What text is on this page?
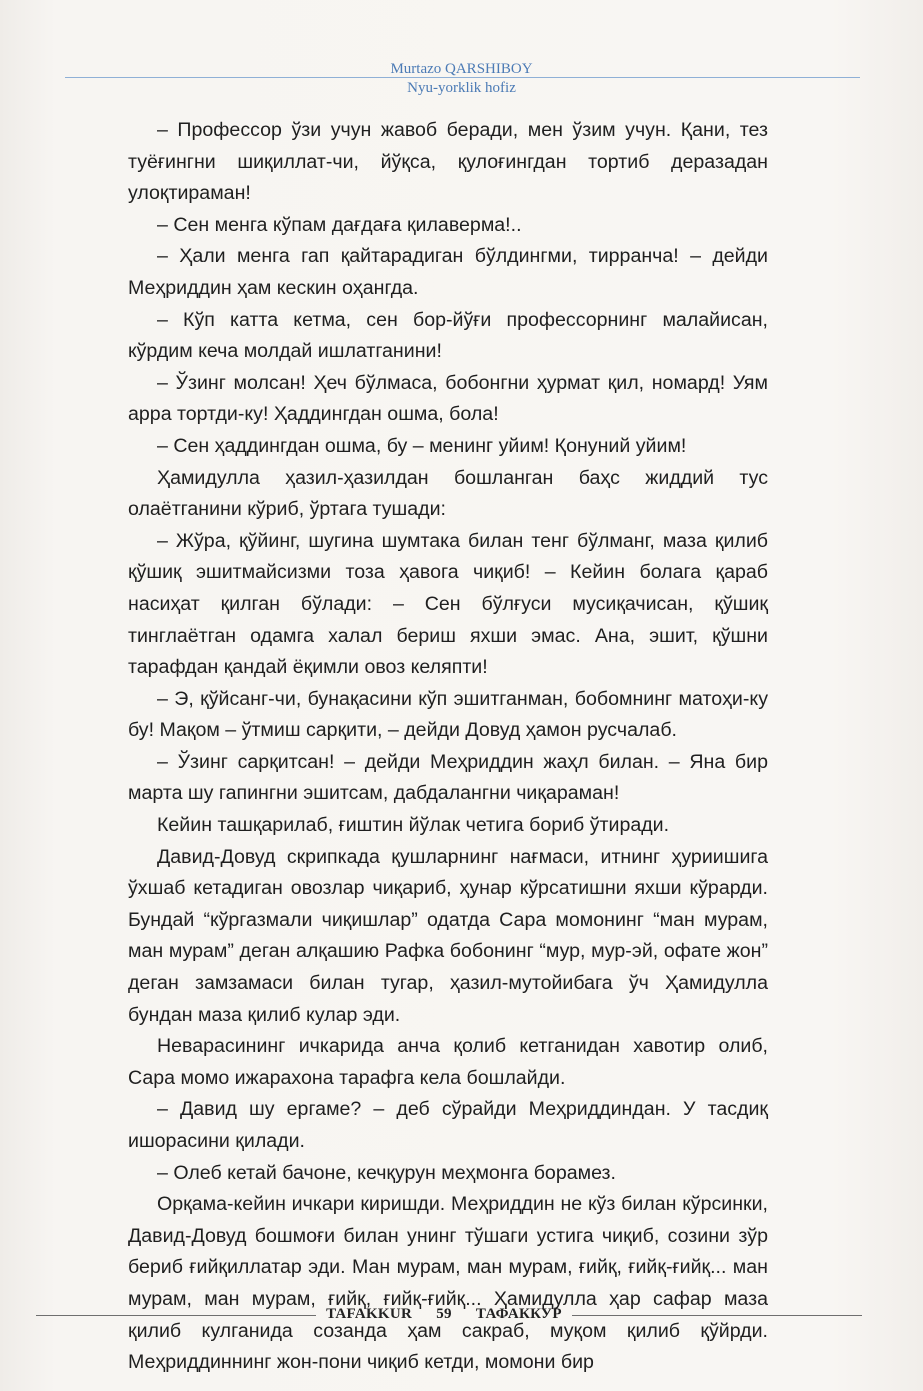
Murtazo QARSHIBOY
Nyu-yorklik hofiz

– Профессор ўзи учун жавоб беради, мен ўзим учун. Қани, тез туёғингни шиқиллат-чи, йўқса, қулоғингдан тортиб деразадан улоқтираман!

– Сен менга кўпам дағдаға қилаверма!..

– Ҳали менга гап қайтарадиган бўлдингми, тирранча! – дейди Меҳриддин ҳам кескин оҳангда.

– Кўп катта кетма, сен бор-йўғи профессорнинг малайисан, кўрдим кеча молдай ишлатганини!

– Ўзинг молсан! Ҳеч бўлмаса, бобонгни ҳурмат қил, номард! Уям арра тортди-ку! Ҳаддингдан ошма, бола!

– Сен ҳаддингдан ошма, бу – менинг уйим! Қонуний уйим!

Ҳамидулла ҳазил-ҳазилдан бошланган баҳс жиддий тус олаётганини кўриб, ўртага тушади:

– Жўра, қўйинг, шугина шумтака билан тенг бўлманг, маза қилиб қўшиқ эшитмайсизми тоза ҳавога чиқиб! – Кейин болага қараб насиҳат қилган бўлади: – Сен бўлғуси мусиқачисан, қўшиқ тинглаётган одамга халал бериш яхши эмас. Ана, эшит, қўшни тарафдан қандай ёқимли овоз келяпти!

– Э, қўйсанг-чи, бунақасини кўп эшитганман, бобомнинг матоҳи-ку бу! Мақом – ўтмиш сарқити, – дейди Довуд ҳамон русчалаб.

– Ўзинг сарқитсан! – дейди Меҳриддин жаҳл билан. – Яна бир марта шу гапингни эшитсам, дабдалангни чиқараман!

Кейин ташқарилаб, ғиштин йўлак четига бориб ўтиради.

Давид-Довуд скрипкада қушларнинг нағмаси, итнинг ҳуриишига ўхшаб кетадиган овозлар чиқариб, ҳунар кўрсатишни яхши кўрарди. Бундай “кўргазмали чиқишлар” одатда Сара момонинг “ман мурам, ман мурам” деган алқашию Рафка бобонинг “мур, мур-эй, офате жон” деган замзамаси билан тугар, ҳазил-мутойибага ўч Ҳамидулла бундан маза қилиб кулар эди.

Неварасининг ичкарида анча қолиб кетганидан хавотир олиб, Сара момо ижарахона тарафга кела бошлайди.

– Давид шу ергаме? – деб сўрайди Меҳриддиндан. У тасдиқ ишорасини қилади.

– Олеб кетай бачоне, кечқурун меҳмонга борамез.

Орқама-кейин ичкари киришди. Меҳриддин не кўз билан кўрсинки, Давид-Довуд бошмоғи билан унинг тўшаги устига чиқиб, созини зўр бериб ғийқиллатар эди. Ман мурам, ман мурам, ғийқ, ғийқ-ғийқ... ман мурам, ман мурам, ғийқ, ғийқ-ғийқ... Ҳамидулла ҳар сафар маза қилиб кулганида созанда ҳам сакраб, муқом қилиб қўйрди. Меҳриддиннинг жон-пони чиқиб кетди, момони бир

TAFAKKUR 59 ТАФАККУР
